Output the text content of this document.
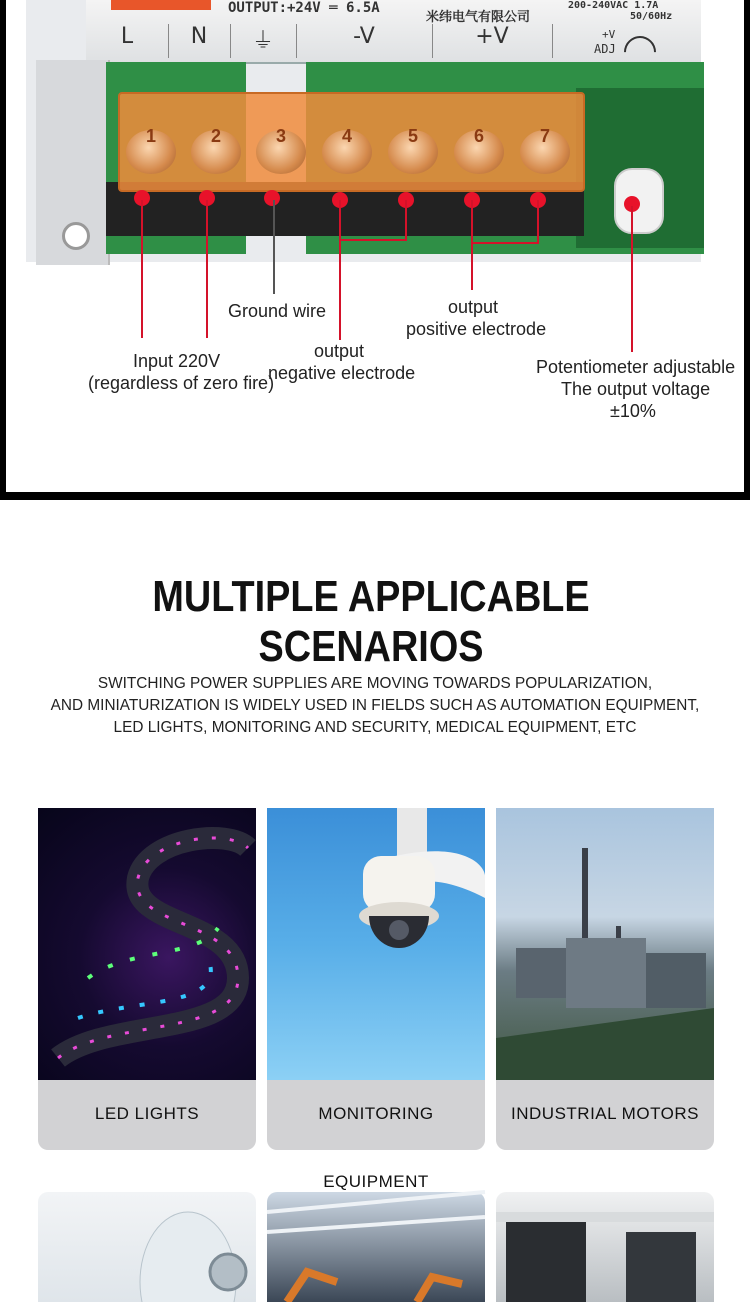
OUTPUT:+24V ═ 6.5A
米纬电气有限公司
200-240VAC 1.7A
50/60Hz
L	N	⏚	-V	+V	+V
ADJ
1	2	3	4	5	6	7
Ground wire	output
positive electrode
output
negative electrode
Input 220V
(regardless of zero fire)
Potentiometer adjustable
The output voltage
±10%
MULTIPLE APPLICABLE SCENARIOS
SWITCHING POWER SUPPLIES ARE MOVING TOWARDS POPULARIZATION,
AND MINIATURIZATION IS WIDELY USED IN FIELDS SUCH AS AUTOMATION EQUIPMENT,
LED LIGHTS, MONITORING AND SECURITY, MEDICAL EQUIPMENT, ETC
LED LIGHTS	MONITORING EQUIPMENT
INDUSTRIAL MOTORS
